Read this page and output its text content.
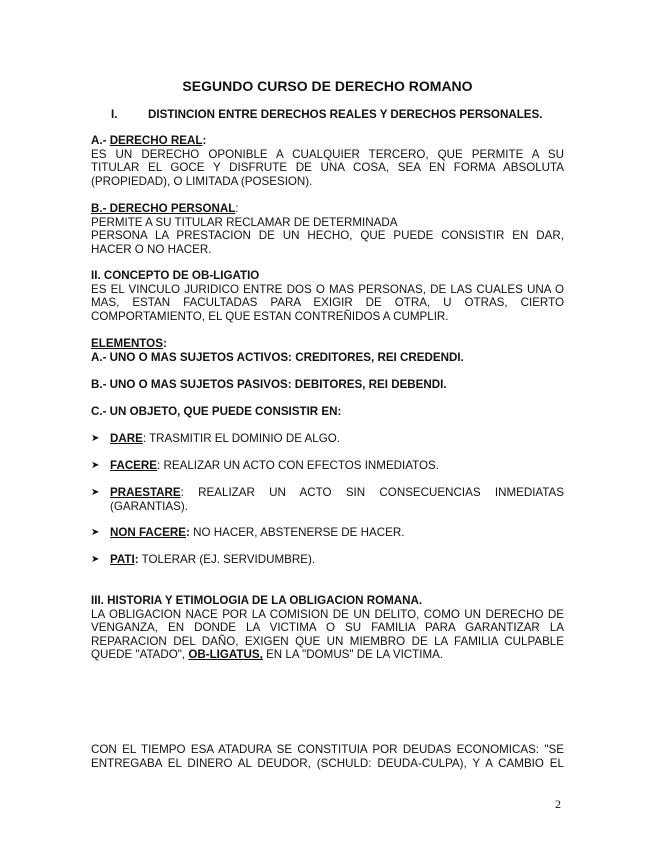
SEGUNDO CURSO DE DERECHO ROMANO
I.	DISTINCION ENTRE DERECHOS REALES Y DERECHOS PERSONALES.
A.- DERECHO REAL:
ES UN DERECHO OPONIBLE A CUALQUIER TERCERO, QUE PERMITE A SU
TITULAR EL GOCE Y DISFRUTE DE UNA COSA, SEA EN FORMA ABSOLUTA
(PROPIEDAD), O LIMITADA (POSESION).
B.- DERECHO PERSONAL:
PERMITE A SU TITULAR RECLAMAR DE DETERMINADA
PERSONA LA PRESTACION DE UN HECHO, QUE PUEDE CONSISTIR EN DAR,
HACER O NO HACER.
II. CONCEPTO DE OB-LIGATIO
ES EL VINCULO JURIDICO ENTRE DOS O MAS PERSONAS, DE LAS CUALES UNA O
MAS, ESTAN FACULTADAS PARA EXIGIR DE OTRA, U OTRAS, CIERTO
COMPORTAMIENTO, EL QUE ESTAN CONTREÑIDOS A CUMPLIR.
ELEMENTOS:
A.- UNO O MAS SUJETOS ACTIVOS: CREDITORES, REI CREDENDI.
B.- UNO O MAS SUJETOS PASIVOS: DEBITORES, REI DEBENDI.
C.- UN OBJETO, QUE PUEDE CONSISTIR EN:
➤ DARE: TRASMITIR EL DOMINIO DE ALGO.
➤ FACERE: REALIZAR UN ACTO CON EFECTOS INMEDIATOS.
➤ PRAESTARE: REALIZAR UN ACTO SIN CONSECUENCIAS INMEDIATAS
(GARANTIAS).
➤ NON FACERE: NO HACER, ABSTENERSE DE HACER.
➤ PATI: TOLERAR (EJ. SERVIDUMBRE).
III. HISTORIA Y ETIMOLOGIA DE LA OBLIGACION ROMANA.
LA OBLIGACION NACE POR LA COMISION DE UN DELITO, COMO UN DERECHO DE
VENGANZA, EN DONDE LA VICTIMA O SU FAMILIA PARA GARANTIZAR LA
REPARACION DEL DAÑO, EXIGEN QUE UN MIEMBRO DE LA FAMILIA CULPABLE
QUEDE "ATADO", OB-LIGATUS, EN LA "DOMUS" DE LA VICTIMA.
CON EL TIEMPO ESA ATADURA SE CONSTITUIA POR DEUDAS ECONOMICAS: "SE
ENTREGABA EL DINERO AL DEUDOR, (SCHULD: DEUDA-CULPA), Y A CAMBIO EL
2
